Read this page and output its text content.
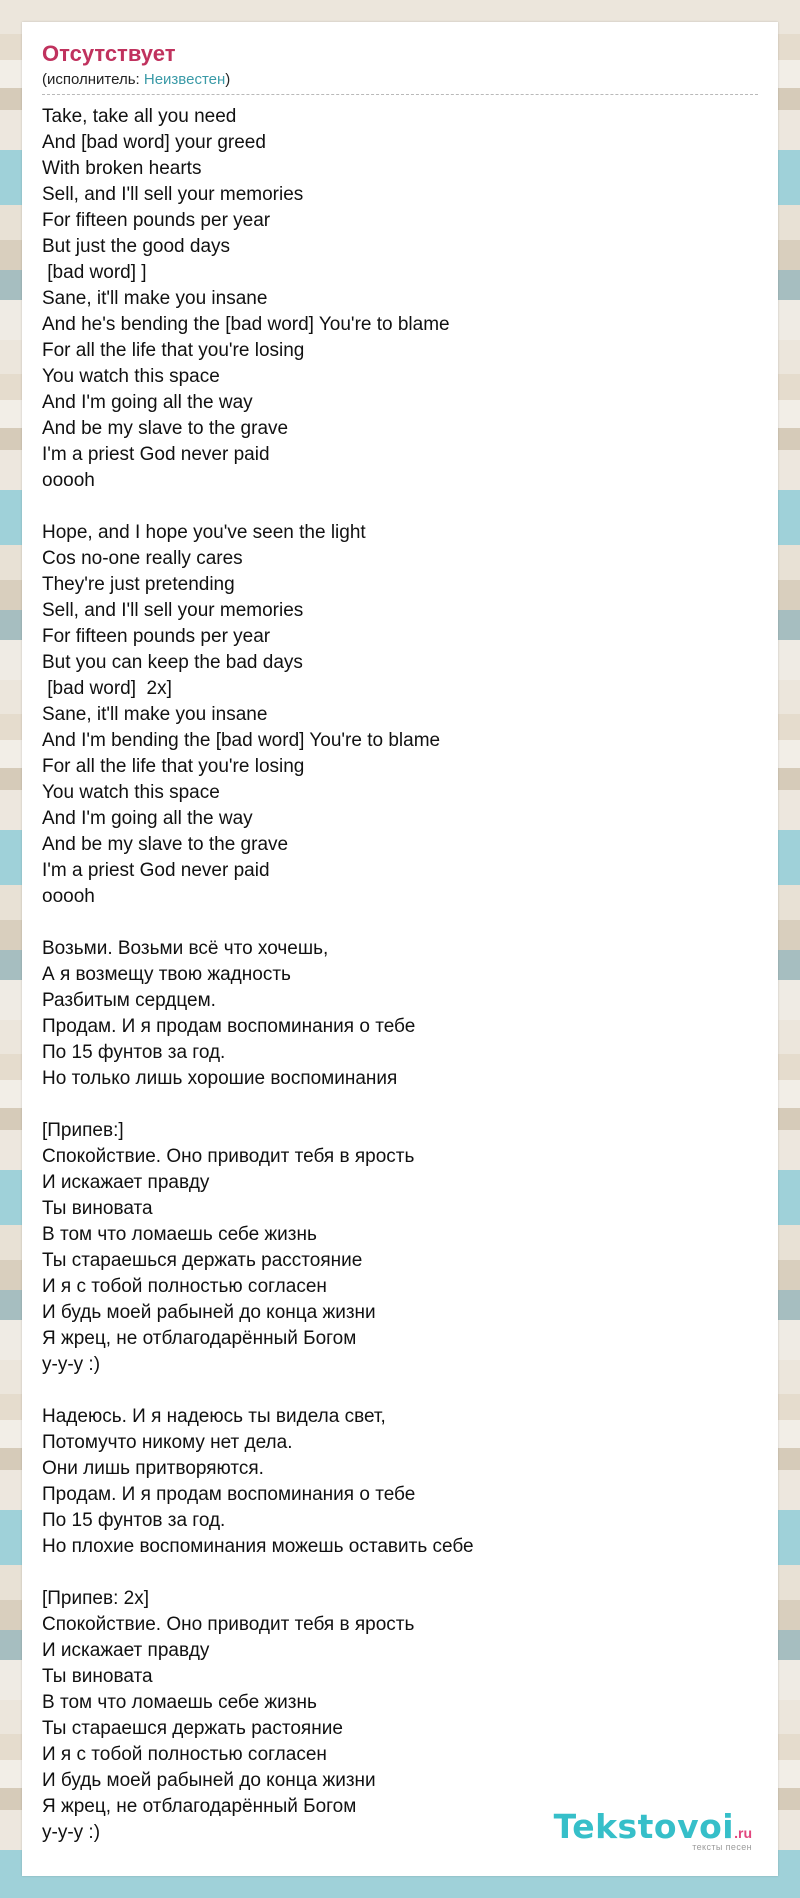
Отсутствует
(исполнитель: Неизвестен)
Take, take all you need
And [bad word] your greed
With broken hearts
Sell, and I'll sell your memories
For fifteen pounds per year
But just the good days
[bad word] ]
Sane, it'll make you insane
And he's bending the [bad word] You're to blame
For all the life that you're losing
You watch this space
And I'm going all the way
And be my slave to the grave
I'm a priest God never paid
ooooh

Hope, and I hope you've seen the light
Cos no-one really cares
They're just pretending
Sell, and I'll sell your memories
For fifteen pounds per year
But you can keep the bad days
[bad word]  2x]
Sane, it'll make you insane
And I'm bending the [bad word] You're to blame
For all the life that you're losing
You watch this space
And I'm going all the way
And be my slave to the grave
I'm a priest God never paid
ooooh

Возьми. Возьми всё что хочешь,
А я возмещу твою жадность
Разбитым сердцем.
Продам. И я продам воспоминания о тебе
По 15 фунтов за год.
Но только лишь хорошие воспоминания

[Припев:]
Спокойствие. Оно приводит тебя в ярость
И искажает правду
Ты виновата
В том что ломаешь себе жизнь
Ты стараешься держать расстояние
И я с тобой полностью согласен
И будь моей рабыней до конца жизни
Я жрец, не отблагодарённый Богом
у-у-у :)

Надеюсь. И я надеюсь ты видела свет,
Потомучто никому нет дела.
Они лишь притворяются.
Продам. И я продам воспоминания о тебе
По 15 фунтов за год.
Но плохие воспоминания можешь оставить себе

[Припев: 2x]
Спокойствие. Оно приводит тебя в ярость
И искажает правду
Ты виновата
В том что ломаешь себе жизнь
Ты стараешся держать растояние
И я с тобой полностью согласен
И будь моей рабыней до конца жизни
Я жрец, не отблагодарённый Богом
у-у-у :)	Tekstovoi.ru
тексты песен
